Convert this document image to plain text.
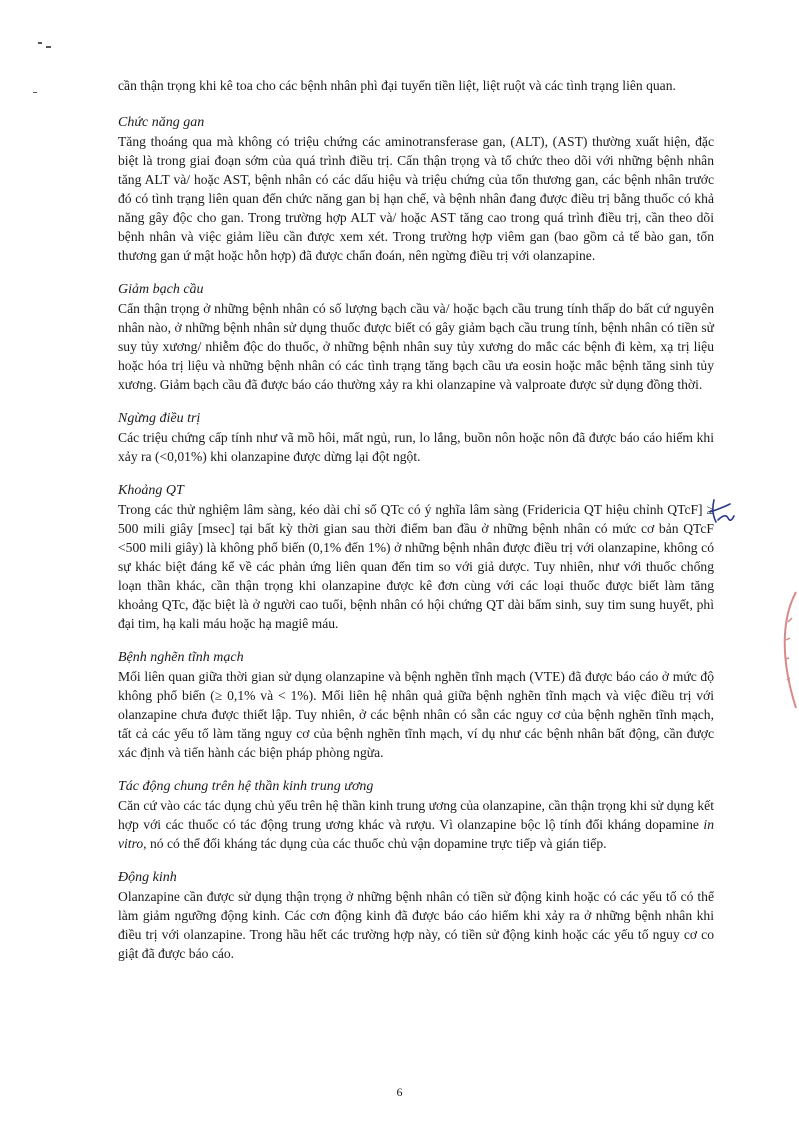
cần thận trọng khi kê toa cho các bệnh nhân phì đại tuyến tiền liệt, liệt ruột và các tình trạng liên quan.

Chức năng gan

Tăng thoáng qua mà không có triệu chứng các aminotransferase gan, (ALT), (AST) thường xuất hiện, đặc biệt là trong giai đoạn sớm của quá trình điều trị. Cẩn thận trọng và tổ chức theo dõi với những bệnh nhân tăng ALT và/ hoặc AST, bệnh nhân có các dấu hiệu và triệu chứng của tổn thương gan, các bệnh nhân trước đó có tình trạng liên quan đến chức năng gan bị hạn chế, và bệnh nhân đang được điều trị bằng thuốc có khả năng gây độc cho gan. Trong trường hợp ALT và/ hoặc AST tăng cao trong quá trình điều trị, cần theo dõi bệnh nhân và việc giảm liều cần được xem xét. Trong trường hợp viêm gan (bao gồm cả tế bào gan, tổn thương gan ứ mật hoặc hỗn hợp) đã được chẩn đoán, nên ngừng điều trị với olanzapine.

Giảm bạch cầu

Cẩn thận trọng ở những bệnh nhân có số lượng bạch cầu và/ hoặc bạch cầu trung tính thấp do bất cứ nguyên nhân nào, ở những bệnh nhân sử dụng thuốc được biết có gây giảm bạch cầu trung tính, bệnh nhân có tiền sử suy tủy xương/ nhiễm độc do thuốc, ở những bệnh nhân suy tủy xương do mắc các bệnh đi kèm, xạ trị liệu hoặc hóa trị liệu và những bệnh nhân có các tình trạng tăng bạch cầu ưa eosin hoặc mắc bệnh tăng sinh tủy xương. Giảm bạch cầu đã được báo cáo thường xảy ra khi olanzapine và valproate được sử dụng đồng thời.

Ngừng điều trị

Các triệu chứng cấp tính như vã mồ hôi, mất ngủ, run, lo lắng, buồn nôn hoặc nôn đã được báo cáo hiếm khi xảy ra (<0,01%) khi olanzapine được dừng lại đột ngột.

Khoảng QT

Trong các thử nghiệm lâm sàng, kéo dài chỉ số QTc có ý nghĩa lâm sàng (Fridericia QT hiệu chỉnh QTcF] ≥ 500 mili giây [msec] tại bất kỳ thời gian sau thời điểm ban đầu ở những bệnh nhân có mức cơ bản QTcF <500 mili giây) là không phổ biến (0,1% đến 1%) ở những bệnh nhân được điều trị với olanzapine, không có sự khác biệt đáng kể về các phản ứng liên quan đến tim so với giả dược. Tuy nhiên, như với thuốc chống loạn thần khác, cần thận trọng khi olanzapine được kê đơn cùng với các loại thuốc được biết làm tăng khoảng QTc, đặc biệt là ở người cao tuổi, bệnh nhân có hội chứng QT dài bẩm sinh, suy tim sung huyết, phì đại tim, hạ kali máu hoặc hạ magiê máu.

Bệnh nghẽn tĩnh mạch

Mối liên quan giữa thời gian sử dụng olanzapine và bệnh nghẽn tĩnh mạch (VTE) đã được báo cáo ở mức độ không phổ biến (≥ 0,1% và < 1%). Mối liên hệ nhân quả giữa bệnh nghẽn tĩnh mạch và việc điều trị với olanzapine chưa được thiết lập. Tuy nhiên, ở các bệnh nhân có sẵn các nguy cơ của bệnh nghẽn tĩnh mạch, tất cả các yếu tố làm tăng nguy cơ của bệnh nghẽn tĩnh mạch, ví dụ như các bệnh nhân bất động, cần được xác định và tiến hành các biện pháp phòng ngừa.

Tác động chung trên hệ thần kinh trung ương

Căn cứ vào các tác dụng chủ yếu trên hệ thần kinh trung ương của olanzapine, cần thận trọng khi sử dụng kết hợp với các thuốc có tác động trung ương khác và rượu. Vì olanzapine bộc lộ tính đối kháng dopamine in vitro, nó có thể đối kháng tác dụng của các thuốc chủ vận dopamine trực tiếp và gián tiếp.

Động kinh

Olanzapine cần được sử dụng thận trọng ở những bệnh nhân có tiền sử động kinh hoặc có các yếu tố có thể làm giảm ngưỡng động kinh. Các cơn động kinh đã được báo cáo hiếm khi xảy ra ở những bệnh nhân khi điều trị với olanzapine. Trong hầu hết các trường hợp này, có tiền sử động kinh hoặc các yếu tố nguy cơ co giật đã được báo cáo.

6
